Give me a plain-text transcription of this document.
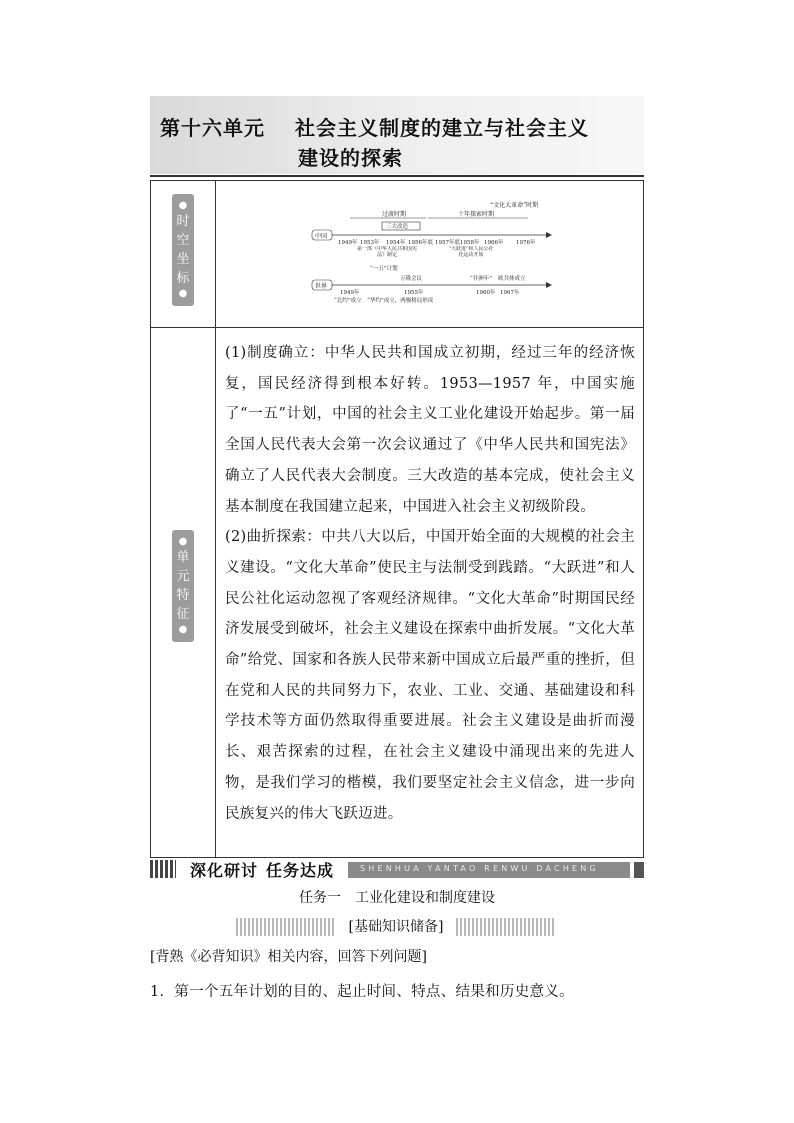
第十六单元 社会主义制度的建立与社会主义
建设的探索
●
时
空
坐
标
●
●
单
元
特
征
●
过渡时期	十年探索时期
“文化大革命”时期
三大改造
中国
1949年 1953年 1954年 1956年底 1957年底 1958年 1966年 1976年
第一部《中华人民共和国宪法》制定
“一五”计划
“大跃进”和人民公社化运动开始
万隆会议	“非洲年” 欧共体成立
世界
1949年	1955年	1960年 1967年
“北约”成立　“华约”成立，两极格局形成

(1)制度确立：中华人民共和国成立初期，经过三年的经济恢复，国民经济得到根本好转。1953—1957 年，中国实施了“一五”计划，中国的社会主义工业化建设开始起步。第一届全国人民代表大会第一次会议通过了《中华人民共和国宪法》确立了人民代表大会制度。三大改造的基本完成，使社会主义基本制度在我国建立起来，中国进入社会主义初级阶段。

(2)曲折探索：中共八大以后，中国开始全面的大规模的社会主义建设。“文化大革命”使民主与法制受到践踏。“大跃进”和人民公社化运动忽视了客观经济规律。“文化大革命”时期国民经济发展受到破坏，社会主义建设在探索中曲折发展。“文化大革命”给党、国家和各族人民带来新中国成立后最严重的挫折，但在党和人民的共同努力下，农业、工业、交通、基础建设和科学技术等方面仍然取得重要进展。社会主义建设是曲折而漫长、艰苦探索的过程，在社会主义建设中涌现出来的先进人物，是我们学习的楷模，我们要坚定社会主义信念，进一步向民族复兴的伟大飞跃迈进。

深化研讨 任务达成	SHENHUA YANTAO RENWU DACHENG
任务一 工业化建设和制度建设
[基础知识储备]
[背熟《必背知识》相关内容，回答下列问题]
1．第一个五年计划的目的、起止时间、特点、结果和历史意义。
